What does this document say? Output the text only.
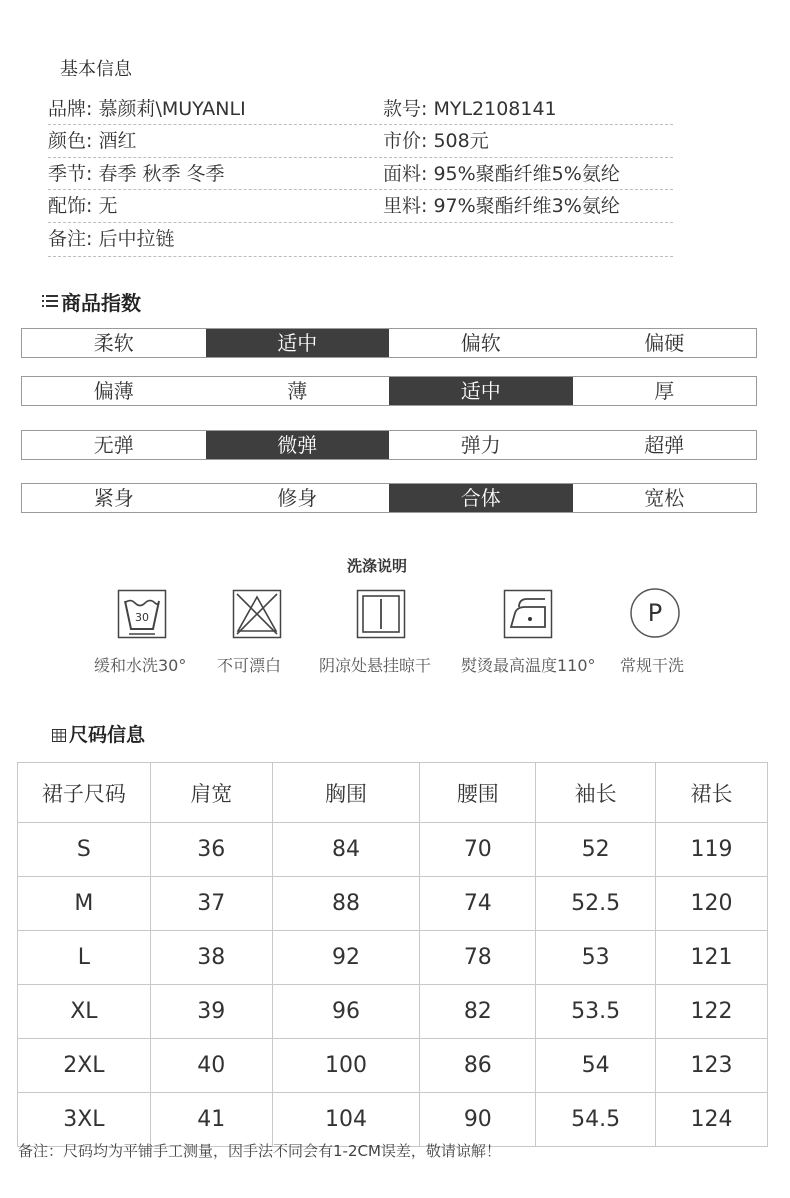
基本信息
品牌: 慕颜莉\MUYANLI
颜色: 酒红
季节: 春季 秋季 冬季
配饰: 无
备注: 后中拉链
款号: MYL2108141
市价: 508元
面料: 95%聚酯纤维5%氨纶
里料: 97%聚酯纤维3%氨纶
商品指数
柔软	适中	偏软	偏硬
偏薄	薄	适中	厚
无弹	微弹	弹力	超弹
紧身	修身	合体	宽松
洗涤说明
30	P
缓和水洗30° 不可漂白 阴凉处悬挂晾干 熨烫最高温度110° 常规干洗
尺码信息
裙子尺码	肩宽	胸围	腰围	袖长	裙长
S	36	84	70	52	119
M	37	88	74	52.5	120
L	38	92	78	53	121
XL	39	96	82	53.5	122
2XL	40	100	86	54	123
3XL	41	104	90	54.5	124
备注：尺码均为平铺手工测量，因手法不同会有1-2CM误差，敬请谅解！
